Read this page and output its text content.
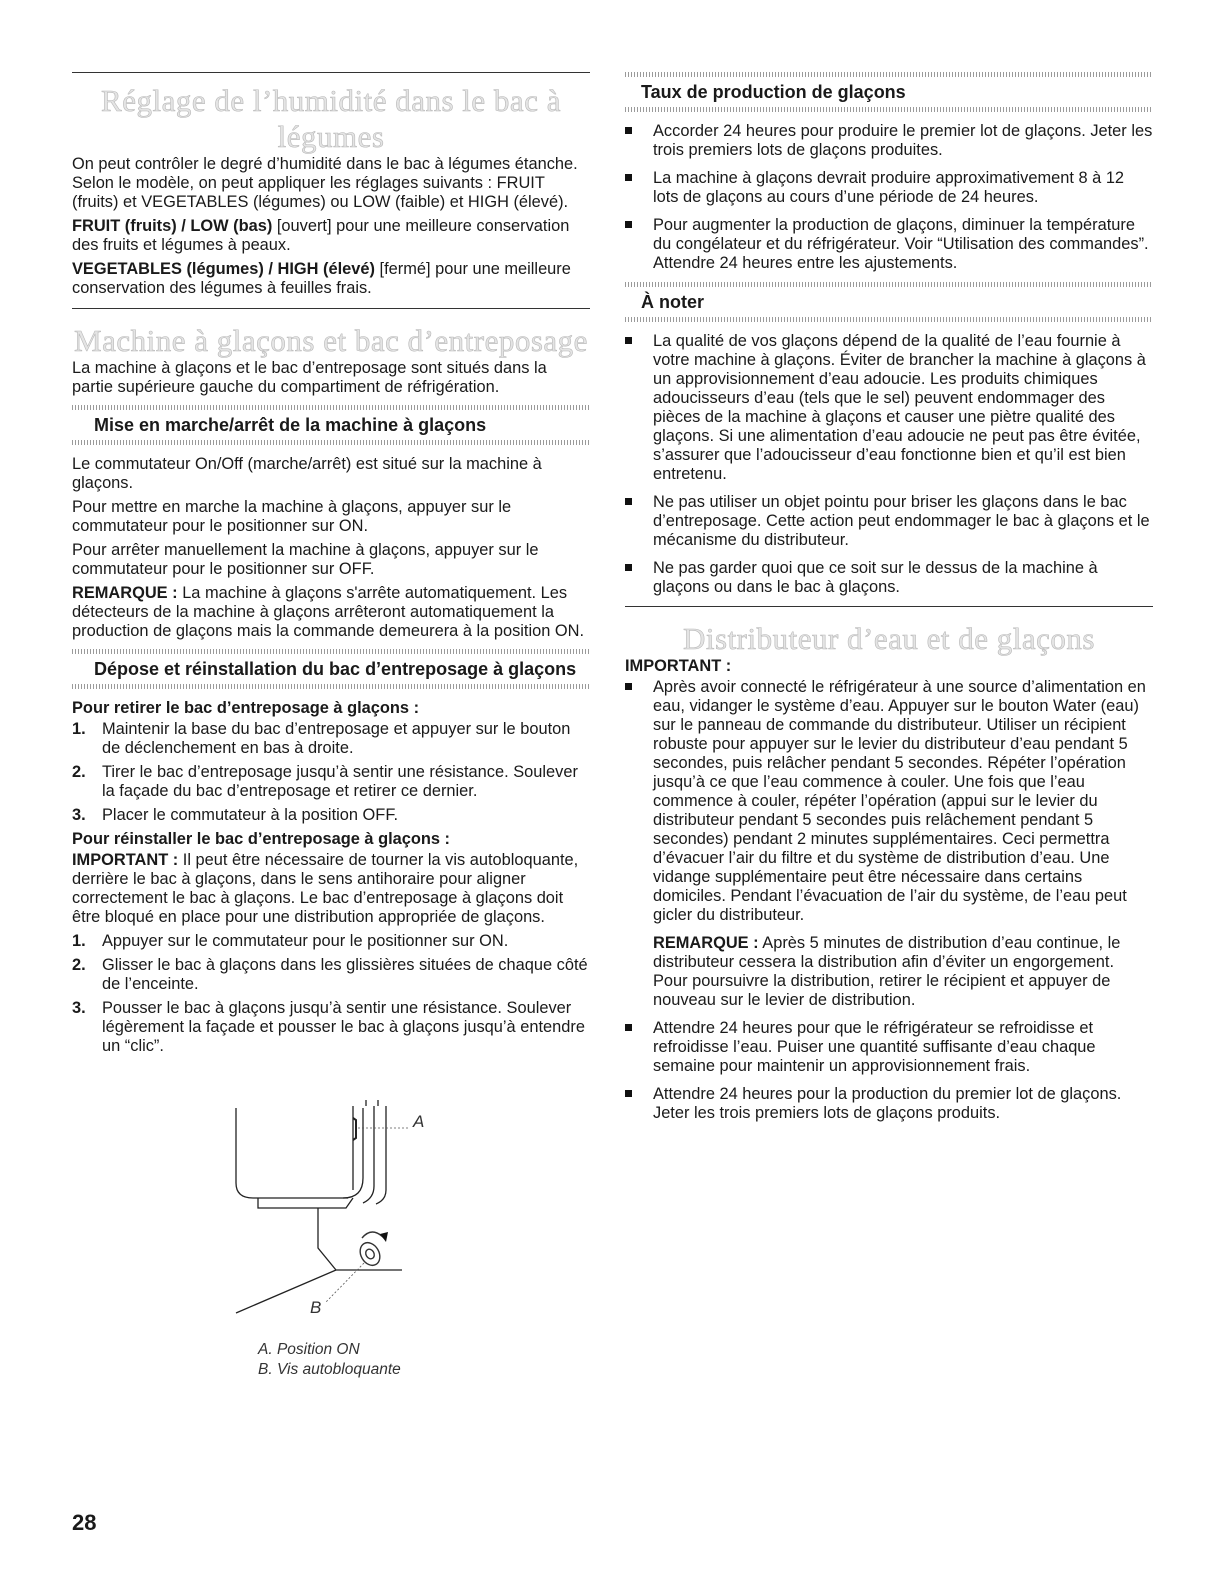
Réglage de l’humidité dans le bac à légumes

On peut contrôler le degré d’humidité dans le bac à légumes étanche. Selon le modèle, on peut appliquer les réglages suivants : FRUIT (fruits) et VEGETABLES (légumes) ou LOW (faible) et HIGH (élevé).

FRUIT (fruits) / LOW (bas) [ouvert] pour une meilleure conservation des fruits et légumes à peaux.

VEGETABLES (légumes) / HIGH (élevé) [fermé] pour une meilleure conservation des légumes à feuilles frais.

Machine à glaçons et bac d’entreposage

La machine à glaçons et le bac d’entreposage sont situés dans la partie supérieure gauche du compartiment de réfrigération.

Mise en marche/arrêt de la machine à glaçons

Le commutateur On/Off (marche/arrêt) est situé sur la machine à glaçons.

Pour mettre en marche la machine à glaçons, appuyer sur le commutateur pour le positionner sur ON.

Pour arrêter manuellement la machine à glaçons, appuyer sur le commutateur pour le positionner sur OFF.

REMARQUE : La machine à glaçons s'arrête automatiquement. Les détecteurs de la machine à glaçons arrêteront automatiquement la production de glaçons mais la commande demeurera à la position ON.

Dépose et réinstallation du bac d’entreposage à glaçons

Pour retirer le bac d’entreposage à glaçons :

1. Maintenir la base du bac d’entreposage et appuyer sur le bouton de déclenchement en bas à droite.
2. Tirer le bac d’entreposage jusqu’à sentir une résistance. Soulever la façade du bac d’entreposage et retirer ce dernier.
3. Placer le commutateur à la position OFF.

Pour réinstaller le bac d’entreposage à glaçons :

IMPORTANT : Il peut être nécessaire de tourner la vis autobloquante, derrière le bac à glaçons, dans le sens antihoraire pour aligner correctement le bac à glaçons. Le bac d’entreposage à glaçons doit être bloqué en place pour une distribution appropriée de glaçons.

1. Appuyer sur le commutateur pour le positionner sur ON.
2. Glisser le bac à glaçons dans les glissières situées de chaque côté de l’enceinte.
3. Pousser le bac à glaçons jusqu’à sentir une résistance. Soulever légèrement la façade et pousser le bac à glaçons jusqu’à entendre un “clic”.
A
B
A. Position ON
B. Vis autobloquante
Taux de production de glaçons
Accorder 24 heures pour produire le premier lot de glaçons. Jeter les trois premiers lots de glaçons produites.
La machine à glaçons devrait produire approximativement 8 à 12 lots de glaçons au cours d’une période de 24 heures.
Pour augmenter la production de glaçons, diminuer la température du congélateur et du réfrigérateur. Voir “Utilisation des commandes”. Attendre 24 heures entre les ajustements.
À noter
La qualité de vos glaçons dépend de la qualité de l’eau fournie à votre machine à glaçons. Éviter de brancher la machine à glaçons à un approvisionnement d’eau adoucie. Les produits chimiques adoucisseurs d’eau (tels que le sel) peuvent endommager des pièces de la machine à glaçons et causer une piètre qualité des glaçons. Si une alimentation d’eau adoucie ne peut pas être évitée, s’assurer que l’adoucisseur d’eau fonctionne bien et qu’il est bien entretenu.
Ne pas utiliser un objet pointu pour briser les glaçons dans le bac d’entreposage. Cette action peut endommager le bac à glaçons et le mécanisme du distributeur.
Ne pas garder quoi que ce soit sur le dessus de la machine à glaçons ou dans le bac à glaçons.
Distributeur d’eau et de glaçons

IMPORTANT :

Après avoir connecté le réfrigérateur à une source d’alimentation en eau, vidanger le système d’eau. Appuyer sur le bouton Water (eau) sur le panneau de commande du distributeur. Utiliser un récipient robuste pour appuyer sur le levier du distributeur d’eau pendant 5 secondes, puis relâcher pendant 5 secondes. Répéter l’opération jusqu’à ce que l’eau commence à couler. Une fois que l’eau commence à couler, répéter l’opération (appui sur le levier du distributeur pendant 5 secondes puis relâchement pendant 5 secondes) pendant 2 minutes supplémentaires. Ceci permettra d’évacuer l’air du filtre et du système de distribution d’eau. Une vidange supplémentaire peut être nécessaire dans certains domiciles. Pendant l’évacuation de l’air du système, de l’eau peut gicler du distributeur.

REMARQUE : Après 5 minutes de distribution d’eau continue, le distributeur cessera la distribution afin d’éviter un engorgement. Pour poursuivre la distribution, retirer le récipient et appuyer de nouveau sur le levier de distribution.

Attendre 24 heures pour que le réfrigérateur se refroidisse et refroidisse l’eau. Puiser une quantité suffisante d’eau chaque semaine pour maintenir un approvisionnement frais.
Attendre 24 heures pour la production du premier lot de glaçons. Jeter les trois premiers lots de glaçons produits.
28
